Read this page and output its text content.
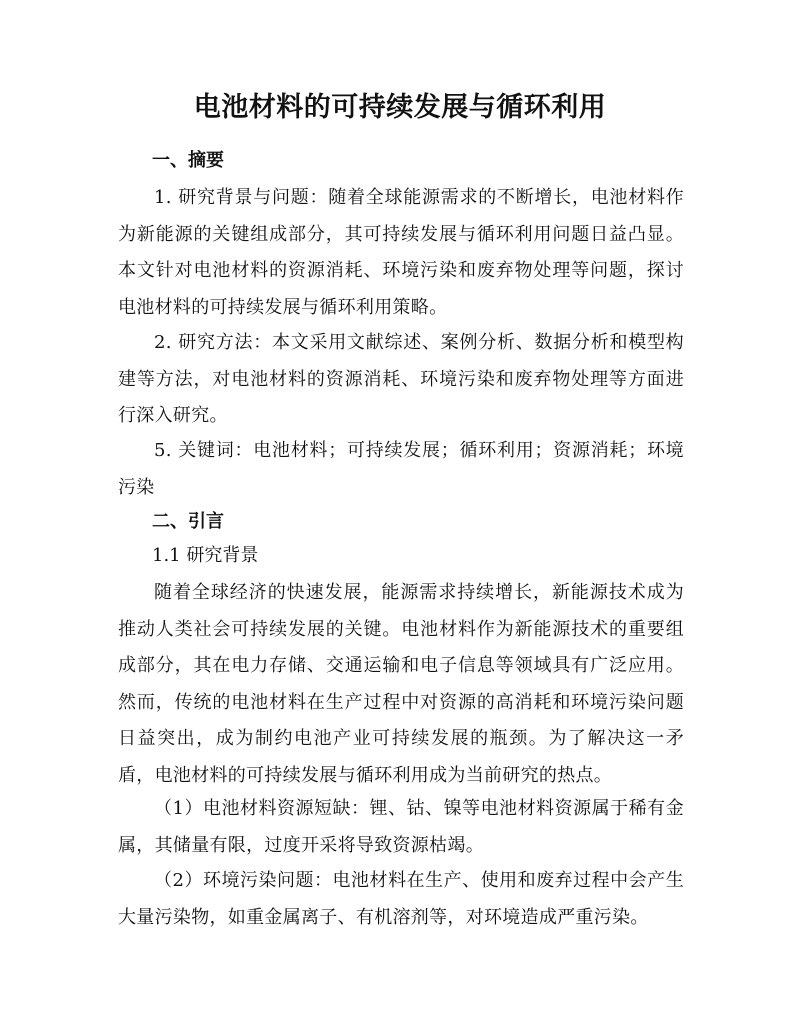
电池材料的可持续发展与循环利用
一、摘要
1. 研究背景与问题：随着全球能源需求的不断增长，电池材料作为新能源的关键组成部分，其可持续发展与循环利用问题日益凸显。本文针对电池材料的资源消耗、环境污染和废弃物处理等问题，探讨电池材料的可持续发展与循环利用策略。
2. 研究方法：本文采用文献综述、案例分析、数据分析和模型构建等方法，对电池材料的资源消耗、环境污染和废弃物处理等方面进行深入研究。
5. 关键词：电池材料；可持续发展；循环利用；资源消耗；环境污染
二、引言
1.1 研究背景
随着全球经济的快速发展，能源需求持续增长，新能源技术成为推动人类社会可持续发展的关键。电池材料作为新能源技术的重要组成部分，其在电力存储、交通运输和电子信息等领域具有广泛应用。然而，传统的电池材料在生产过程中对资源的高消耗和环境污染问题日益突出，成为制约电池产业可持续发展的瓶颈。为了解决这一矛盾，电池材料的可持续发展与循环利用成为当前研究的热点。
（1）电池材料资源短缺：锂、钴、镍等电池材料资源属于稀有金属，其储量有限，过度开采将导致资源枯竭。
（2）环境污染问题：电池材料在生产、使用和废弃过程中会产生大量污染物，如重金属离子、有机溶剂等，对环境造成严重污染。
